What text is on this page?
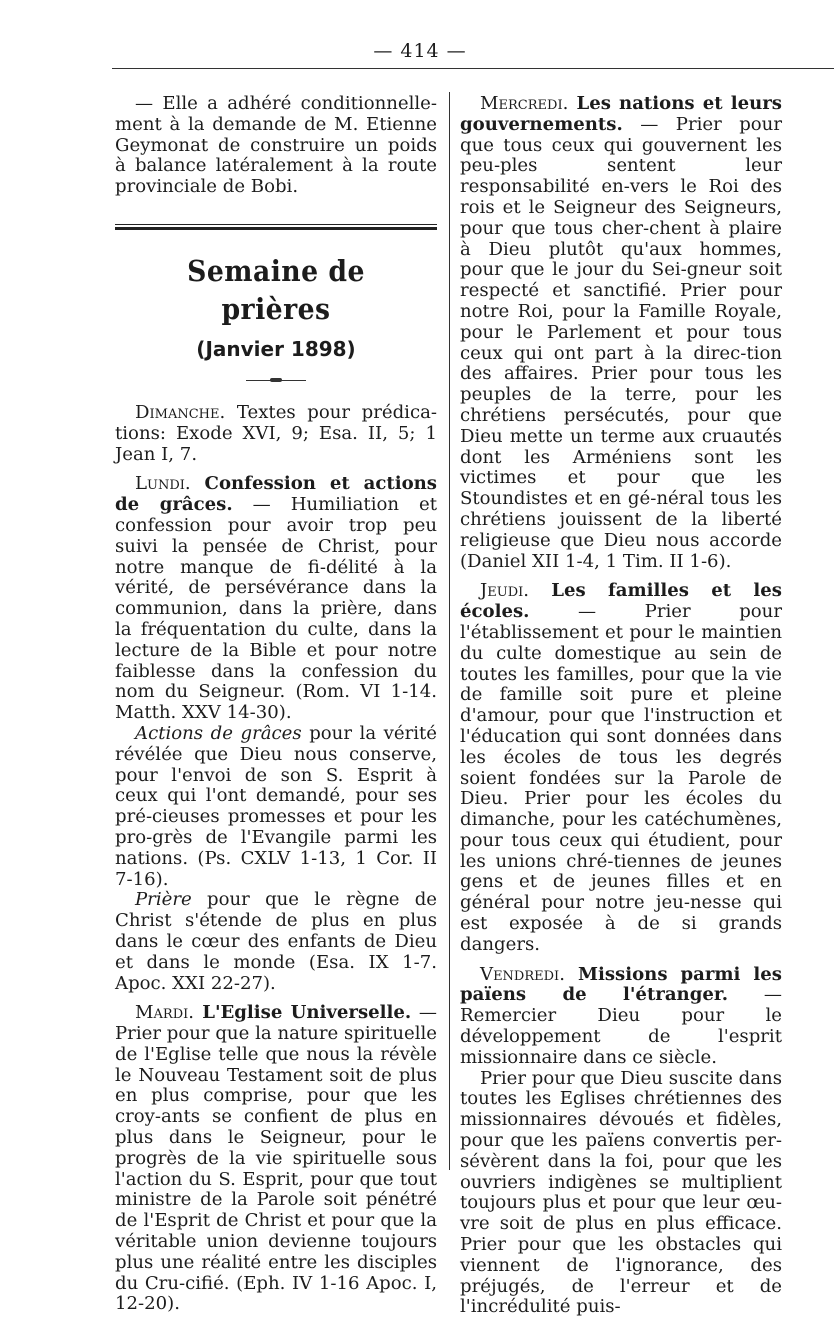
— 414 —

— Elle a adhéré conditionnelle-ment à la demande de M. Etienne Geymonat de construire un poids à balance latéralement à la route provinciale de Bobi.

Semaine de prières
(Janvier 1898)

Dimanche. Textes pour prédica-tions: Exode XVI, 9; Esa. II, 5; 1 Jean I, 7.

Lundi. Confession et actions de grâces. — Humiliation et confession pour avoir trop peu suivi la pensée de Christ, pour notre manque de fi-délité à la vérité, de persévérance dans la communion, dans la prière, dans la fréquentation du culte, dans la lecture de la Bible et pour notre faiblesse dans la confession du nom du Seigneur. (Rom. VI 1-14. Matth. XXV 14-30).

Actions de grâces pour la vérité révélée que Dieu nous conserve, pour l'envoi de son S. Esprit à ceux qui l'ont demandé, pour ses pré-cieuses promesses et pour les pro-grès de l'Evangile parmi les nations. (Ps. CXLV 1-13, 1 Cor. II 7-16).

Prière pour que le règne de Christ s'étende de plus en plus dans le cœur des enfants de Dieu et dans le monde (Esa. IX 1-7. Apoc. XXI 22-27).

Mardi. L'Eglise Universelle. — Prier pour que la nature spirituelle de l'Eglise telle que nous la révèle le Nouveau Testament soit de plus en plus comprise, pour que les croy-ants se confient de plus en plus dans le Seigneur, pour le progrès de la vie spirituelle sous l'action du S. Esprit, pour que tout ministre de la Parole soit pénétré de l'Esprit de Christ et pour que la véritable union devienne toujours plus une réalité entre les disciples du Cru-cifié. (Eph. IV 1-16 Apoc. I, 12-20).

Mercredi. Les nations et leurs gouvernements. — Prier pour que tous ceux qui gouvernent les peu-ples sentent leur responsabilité en-vers le Roi des rois et le Seigneur des Seigneurs, pour que tous cher-chent à plaire à Dieu plutôt qu'aux hommes, pour que le jour du Sei-gneur soit respecté et sanctifié. Prier pour notre Roi, pour la Famille Royale, pour le Parlement et pour tous ceux qui ont part à la direc-tion des affaires. Prier pour tous les peuples de la terre, pour les chrétiens persécutés, pour que Dieu mette un terme aux cruautés dont les Arméniens sont les victimes et pour que les Stoundistes et en gé-néral tous les chrétiens jouissent de la liberté religieuse que Dieu nous accorde (Daniel XII 1-4, 1 Tim. II 1-6).

Jeudi. Les familles et les écoles. — Prier pour l'établissement et pour le maintien du culte domestique au sein de toutes les familles, pour que la vie de famille soit pure et pleine d'amour, pour que l'instruction et l'éducation qui sont données dans les écoles de tous les degrés soient fondées sur la Parole de Dieu. Prier pour les écoles du dimanche, pour les catéchumènes, pour tous ceux qui étudient, pour les unions chré-tiennes de jeunes gens et de jeunes filles et en général pour notre jeu-nesse qui est exposée à de si grands dangers.

Vendredi. Missions parmi les païens de l'étranger. — Remercier Dieu pour le développement de l'esprit missionnaire dans ce siècle.

Prier pour que Dieu suscite dans toutes les Eglises chrétiennes des missionnaires dévoués et fidèles, pour que les païens convertis per-sévèrent dans la foi, pour que les ouvriers indigènes se multiplient toujours plus et pour que leur œu-vre soit de plus en plus efficace. Prier pour que les obstacles qui viennent de l'ignorance, des préjugés, de l'erreur et de l'incrédulité puis-
